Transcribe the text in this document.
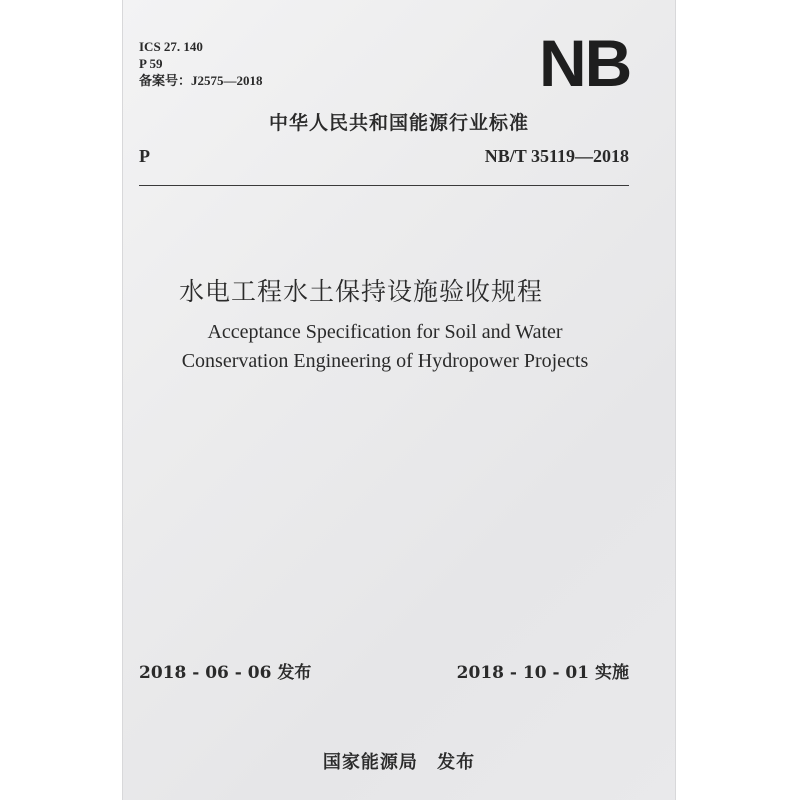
ICS 27. 140
P 59
备案号：J2575—2018	NB
中华人民共和国能源行业标准
P	NB/T 35119—2018
水电工程水土保持设施验收规程
Acceptance Specification for Soil and Water
Conservation Engineering of Hydropower Projects
2018 - 06 - 06 发布	2018 - 10 - 01 实施
国家能源局 发布
